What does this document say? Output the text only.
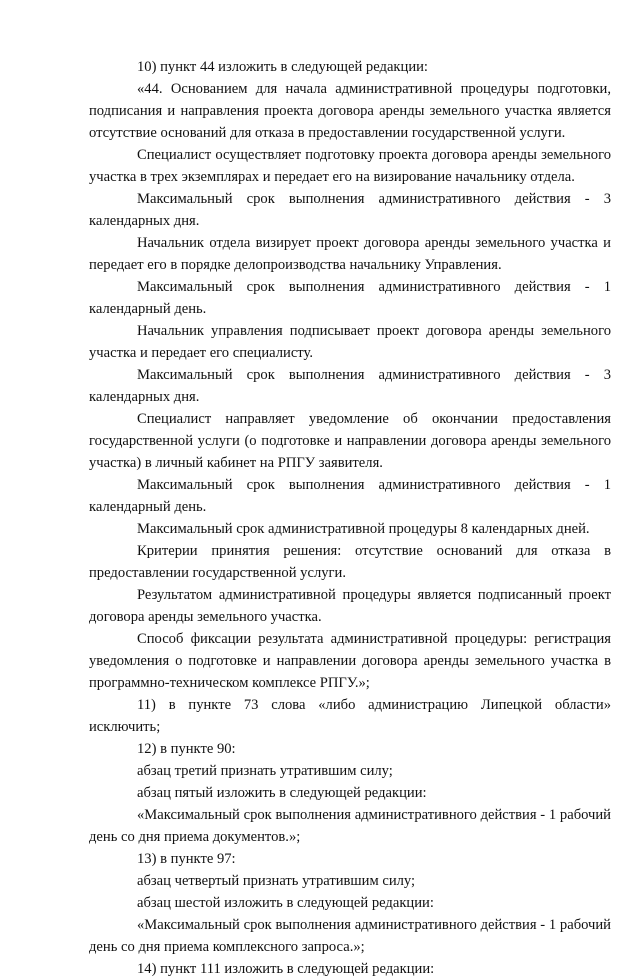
10) пункт 44 изложить в следующей редакции:

«44. Основанием для начала административной процедуры подготовки, подписания и направления проекта договора аренды земельного участка является отсутствие оснований для отказа в предоставлении государственной услуги.

Специалист осуществляет подготовку проекта договора аренды земельного участка в трех экземплярах и передает его на визирование начальнику отдела.

Максимальный срок выполнения административного действия - 3 календарных дня.

Начальник отдела визирует проект договора аренды земельного участка и передает его в порядке делопроизводства начальнику Управления.

Максимальный срок выполнения административного действия - 1 календарный день.

Начальник управления подписывает проект договора аренды земельного участка и передает его специалисту.

Максимальный срок выполнения административного действия - 3 календарных дня.

Специалист направляет уведомление об окончании предоставления государственной услуги (о подготовке и направлении договора аренды земельного участка) в личный кабинет на РПГУ заявителя.

Максимальный срок выполнения административного действия - 1 календарный день.

Максимальный срок административной процедуры 8 календарных дней.

Критерии принятия решения: отсутствие оснований для отказа в предоставлении государственной услуги.

Результатом административной процедуры является подписанный проект договора аренды земельного участка.

Способ фиксации результата административной процедуры: регистрация уведомления о подготовке и направлении договора аренды земельного участка в программно-техническом комплексе РПГУ.»;

11) в пункте 73 слова «либо администрацию Липецкой области» исключить;

12) в пункте 90:

абзац третий признать утратившим силу;

абзац пятый изложить в следующей редакции:

«Максимальный срок выполнения административного действия - 1 рабочий день со дня приема документов.»;

13) в пункте 97:

абзац четвертый признать утратившим силу;

абзац шестой изложить в следующей редакции:

«Максимальный срок выполнения административного действия - 1 рабочий день со дня приема комплексного запроса.»;

14) пункт 111 изложить в следующей редакции:
